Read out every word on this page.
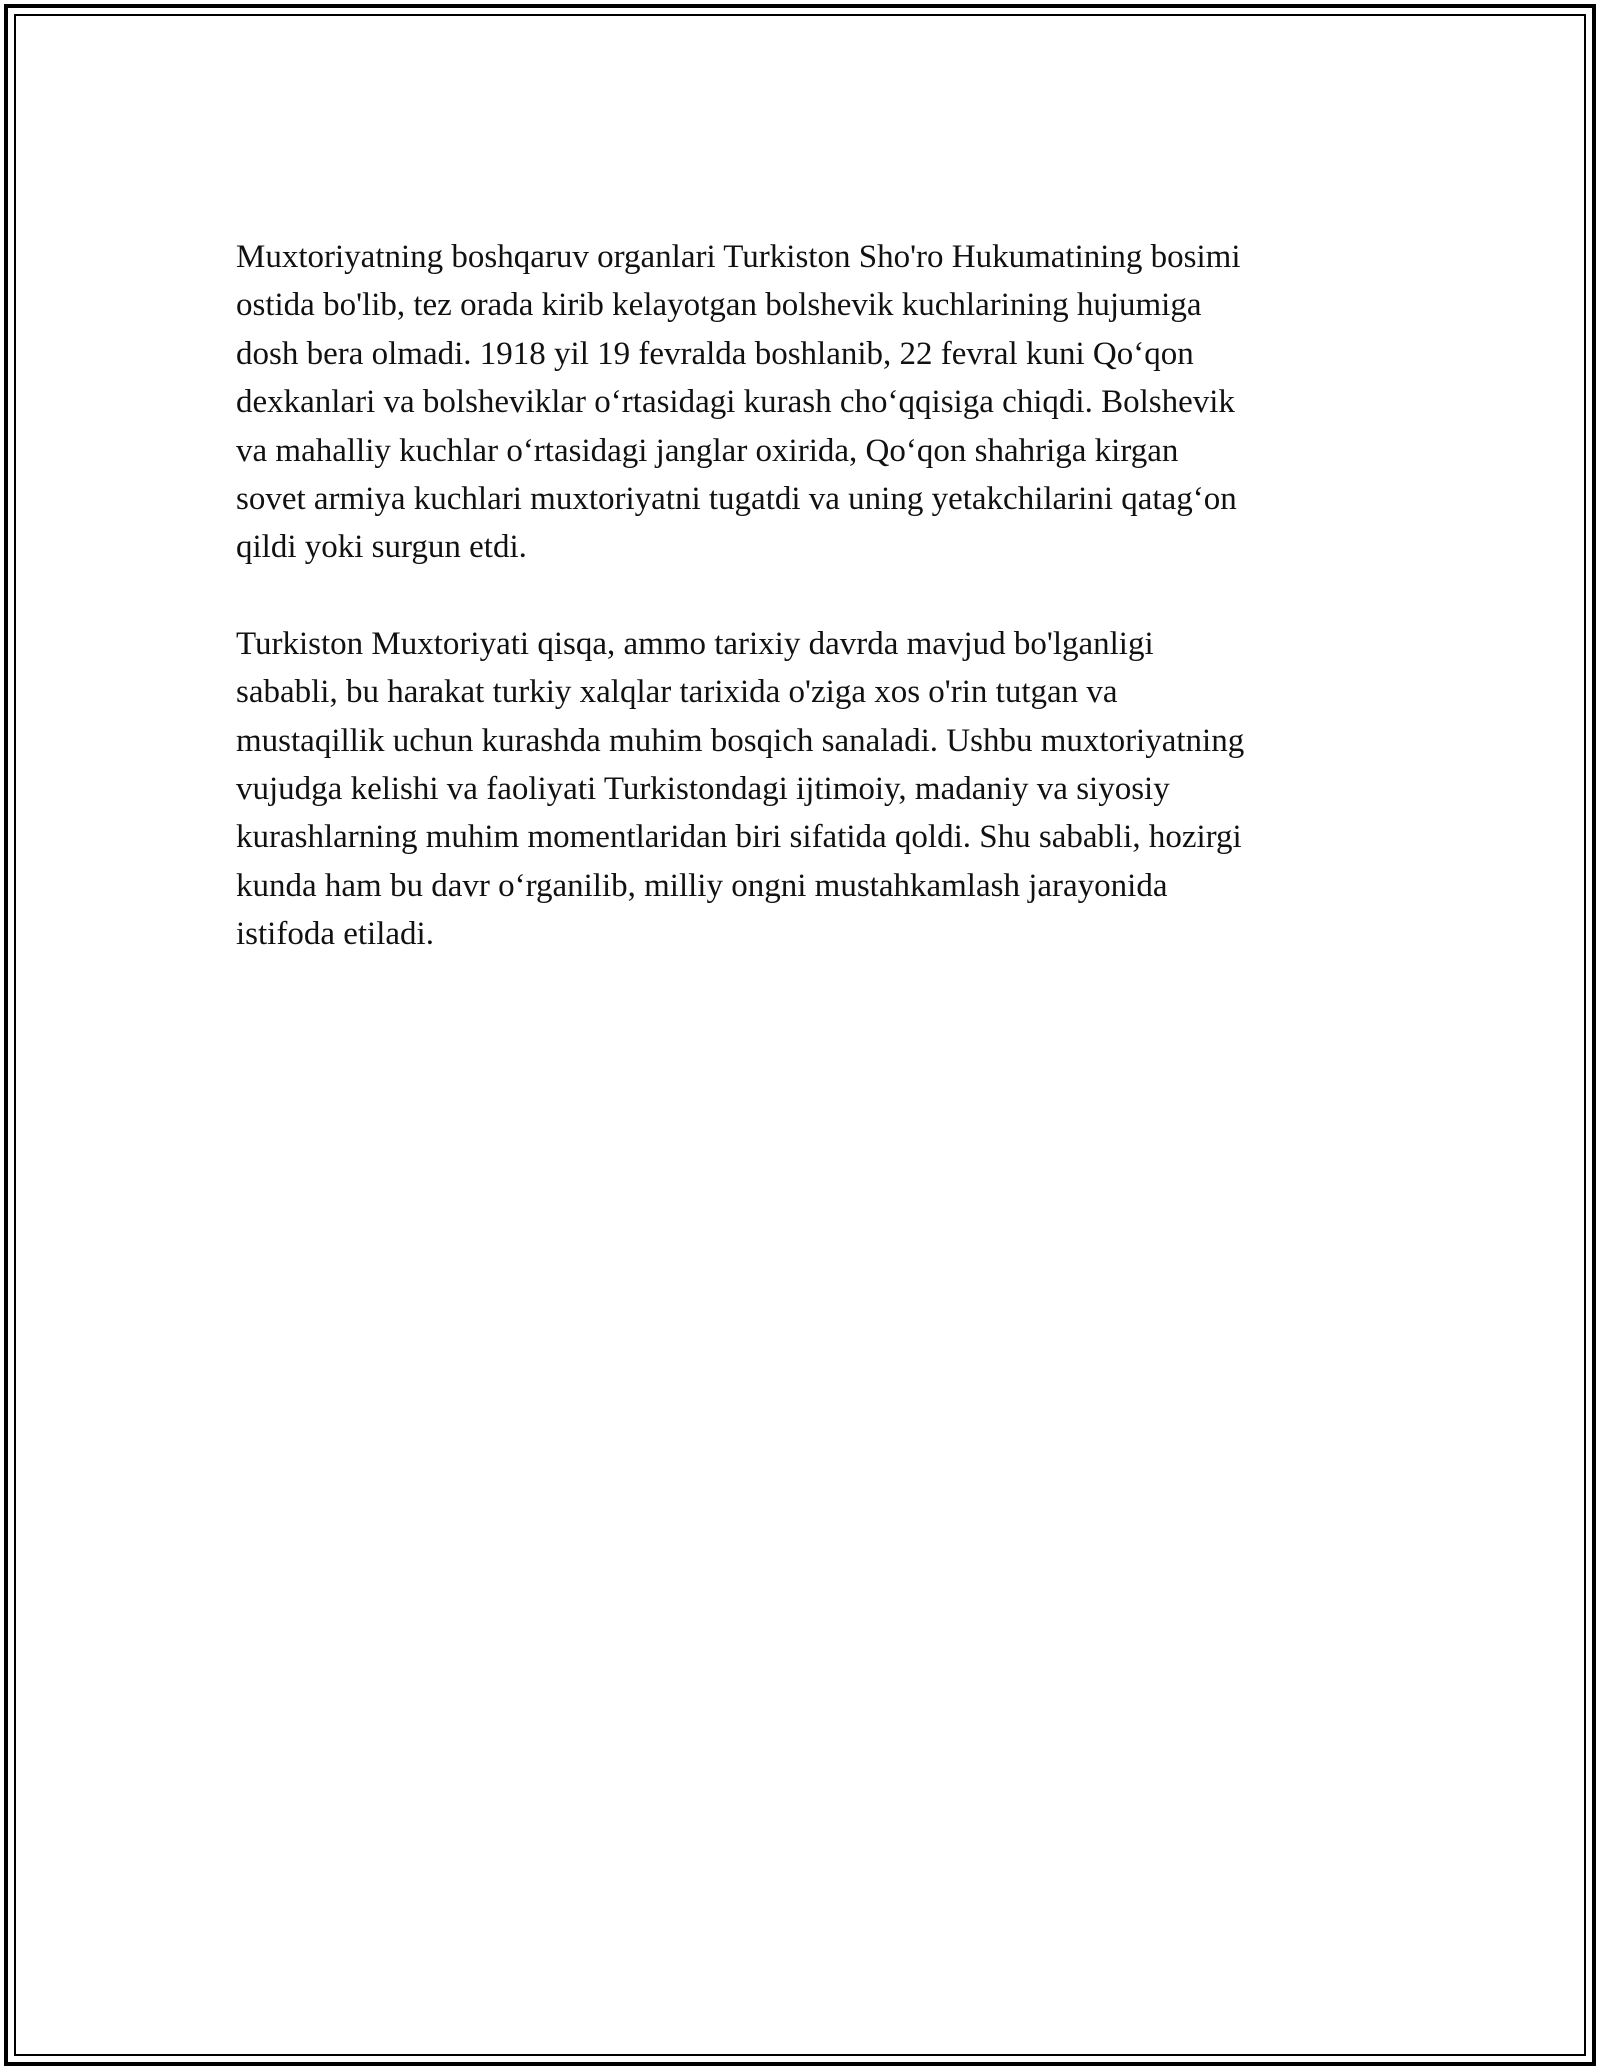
Muxtoriyatning boshqaruv organlari Turkiston Sho'ro Hukumatining bosimi
ostida bo'lib, tez orada kirib kelayotgan bolshevik kuchlarining hujumiga
dosh bera olmadi. 1918 yil 19 fevralda boshlanib, 22 fevral kuni Qo‘qon
dexkanlari va bolsheviklar o‘rtasidagi kurash cho‘qqisiga chiqdi. Bolshevik
va mahalliy kuchlar o‘rtasidagi janglar oxirida, Qo‘qon shahriga kirgan
sovet armiya kuchlari muxtoriyatni tugatdi va uning yetakchilarini qatag‘on
qildi yoki surgun etdi.

Turkiston Muxtoriyati qisqa, ammo tarixiy davrda mavjud bo'lganligi
sababli, bu harakat turkiy xalqlar tarixida o'ziga xos o'rin tutgan va
mustaqillik uchun kurashda muhim bosqich sanaladi. Ushbu muxtoriyatning
vujudga kelishi va faoliyati Turkistondagi ijtimoiy, madaniy va siyosiy
kurashlarning muhim momentlaridan biri sifatida qoldi. Shu sababli, hozirgi
kunda ham bu davr o‘rganilib, milliy ongni mustahkamlash jarayonida
istifoda etiladi.
